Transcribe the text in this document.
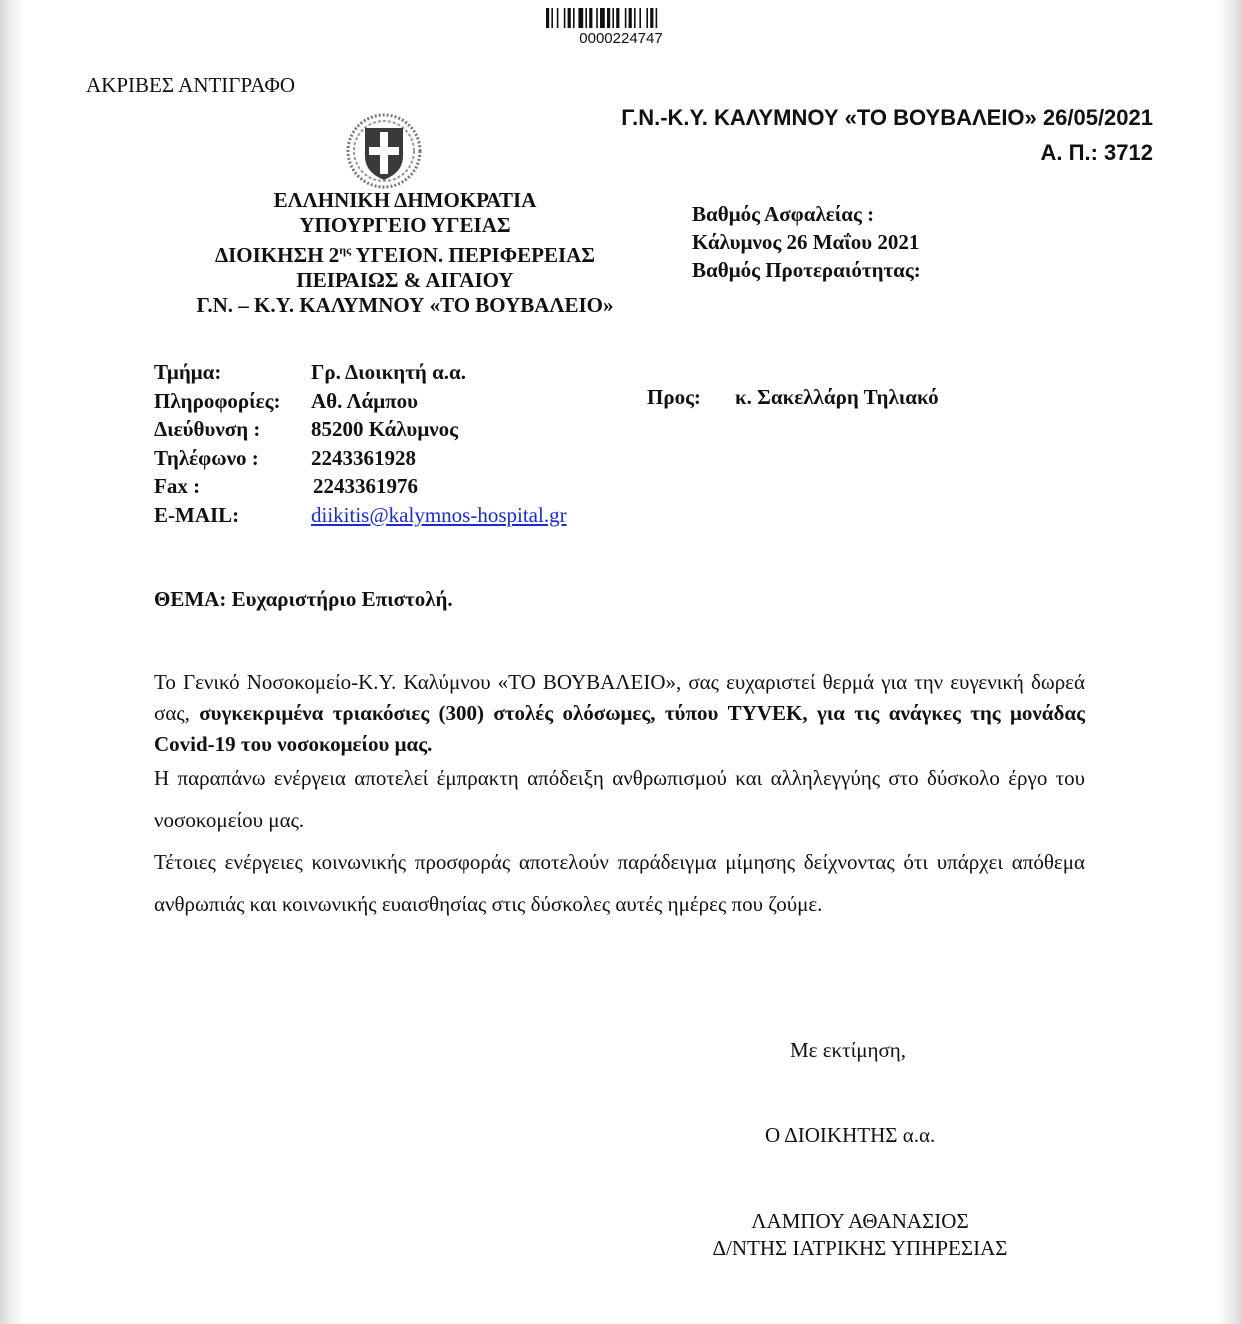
0000224747
ΑΚΡΙΒΕΣ ΑΝΤΙΓΡΑΦΟ
Γ.Ν.-Κ.Υ. ΚΑΛΥΜΝΟΥ «ΤΟ ΒΟΥΒΑΛΕΙΟ» 26/05/2021
Α. Π.: 3712
ΕΛΛΗΝΙΚΗ ΔΗΜΟΚΡΑΤΙΑ
ΥΠΟΥΡΓΕΙΟ ΥΓΕΙΑΣ
ΔΙΟΙΚΗΣΗ $2^{\eta\varsigma}$ ΥΓΕΙΟΝ. ΠΕΡΙΦΕΡΕΙΑΣ
ΠΕΙΡΑΙΩΣ & ΑΙΓΑΙΟΥ
Γ.Ν. – Κ.Υ. ΚΑΛΥΜΝΟΥ «ΤΟ ΒΟΥΒΑΛΕΙΟ»
Βαθμός Ασφαλείας :
Κάλυμνος 26 Μαΐου 2021
Βαθμός Προτεραιότητας:
Τμήμα:	Γρ. Διοικητή α.α.
Πληροφορίες: Αθ. Λάμπου
Διεύθυνση : 85200 Κάλυμνος
Τηλέφωνο : 2243361928
Fax :	2243361976
E-MAIL:	diikitis@kalymnos-hospital.gr
Προς: κ. Σακελλάρη Τηλιακό
ΘΕΜΑ: Ευχαριστήριο Επιστολή.

Το Γενικό Νοσοκομείο-Κ.Υ. Καλύμνου «ΤΟ ΒΟΥΒΑΛΕΙΟ», σας ευχαριστεί θερμά για την ευγενική δωρεά σας, συγκεκριμένα τριακόσιες (300) στολές ολόσωμες, τύπου TYVEK, για τις ανάγκες της μονάδας Covid-19 του νοσοκομείου μας.

Η παραπάνω ενέργεια αποτελεί έμπρακτη απόδειξη ανθρωπισμού και αλληλεγγύης στο δύσκολο έργο του νοσοκομείου μας.

Τέτοιες ενέργειες κοινωνικής προσφοράς αποτελούν παράδειγμα μίμησης δείχνοντας ότι υπάρχει απόθεμα ανθρωπιάς και κοινωνικής ευαισθησίας στις δύσκολες αυτές ημέρες που ζούμε.

Με εκτίμηση,
Ο ΔΙΟΙΚΗΤΗΣ α.α.
ΛΑΜΠΟΥ ΑΘΑΝΑΣΙΟΣ
Δ/ΝΤΗΣ ΙΑΤΡΙΚΗΣ ΥΠΗΡΕΣΙΑΣ
